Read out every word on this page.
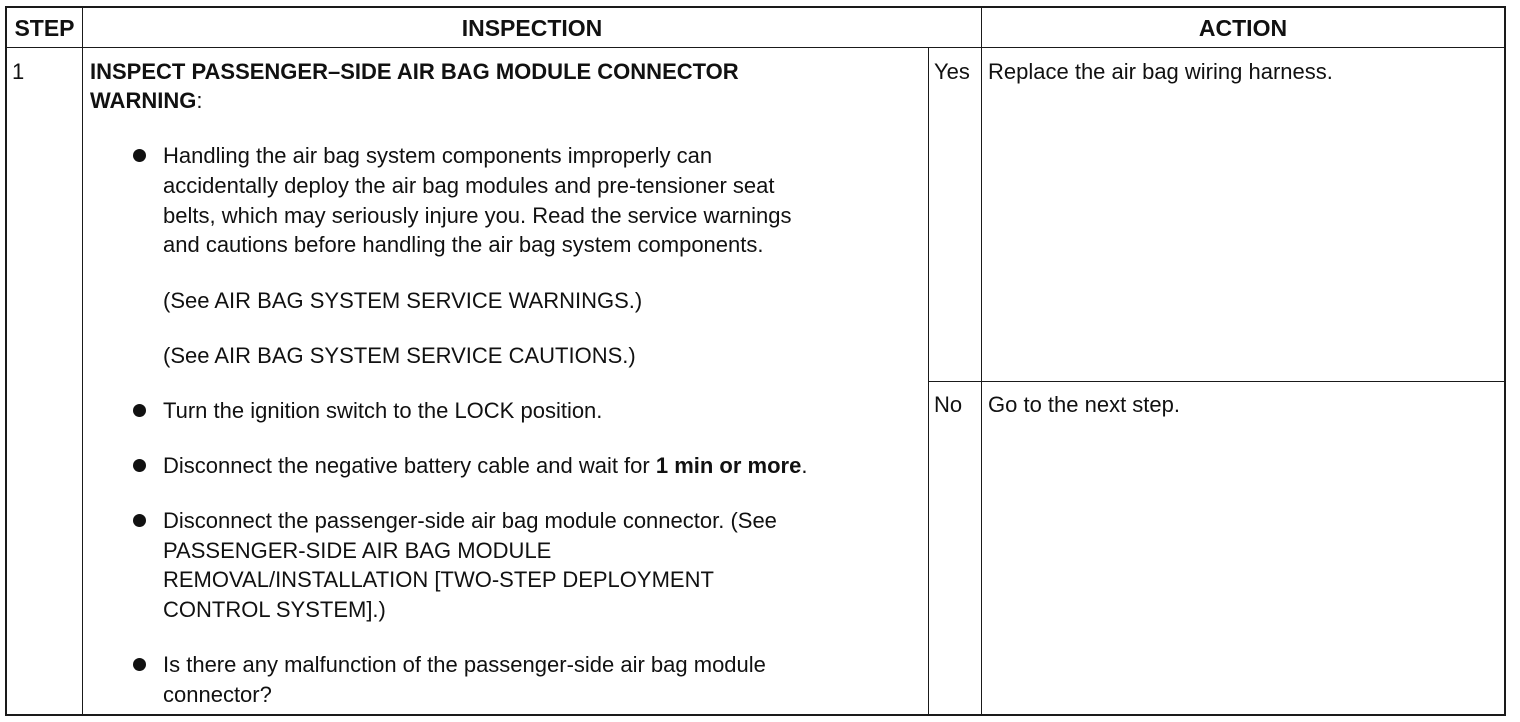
STEP	INSPECTION	ACTION
1	INSPECT PASSENGER–SIDE AIR BAG MODULE CONNECTOR
WARNING:
Handling the air bag system components improperly can
accidentally deploy the air bag modules and pre-tensioner seat
belts, which may seriously injure you. Read the service warnings
and cautions before handling the air bag system components.
(See AIR BAG SYSTEM SERVICE WARNINGS.)
(See AIR BAG SYSTEM SERVICE CAUTIONS.)
Turn the ignition switch to the LOCK position.
Disconnect the negative battery cable and wait for 1 min or more.
Disconnect the passenger-side air bag module connector. (See
PASSENGER-SIDE AIR BAG MODULE
REMOVAL/INSTALLATION [TWO-STEP DEPLOYMENT
CONTROL SYSTEM].)
Is there any malfunction of the passenger-side air bag module
connector?
Yes Replace the air bag wiring harness.
No Go to the next step.
